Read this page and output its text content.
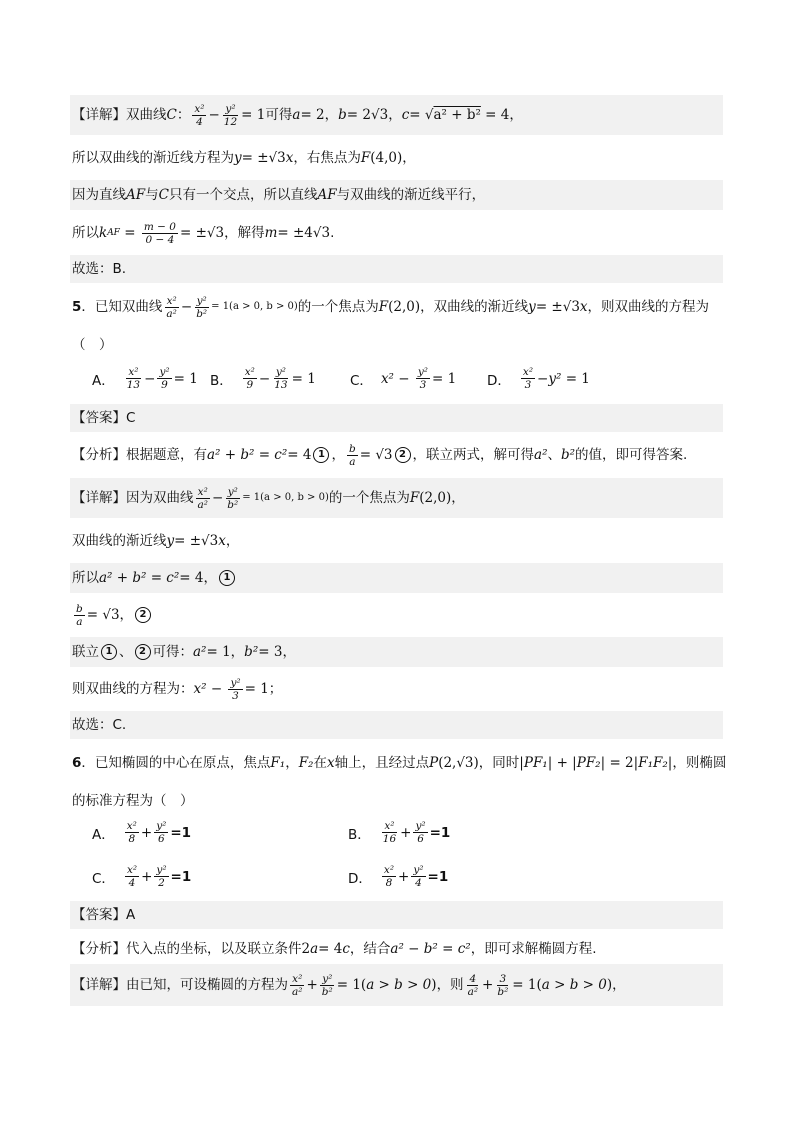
【详解】双曲线 C ： $\frac{\text{x²}}{4} - \frac{\text{y²}}{12} = 1$ 可得 a = 2 ， b = 2√3 ， c = √a² + b² = 4 ，
所以双曲线的渐近线方程为 y = ±√3 x ，右焦点为 F (4,0) ，
因为直线 AF 与 C 只有一个交点，所以直线 AF 与双曲线的渐近线平行，
所以 k AF = $\frac{m - 0}{0 - 4} = \pm√3$ ，解得 m = ±4√3 .
故选：B.
5 ．已知双曲线 $\frac{\text{x²}}{\text{a²}} - \frac{\text{y²}}{\text{b²}} = 1(a > 0$, b > 0) 的一个焦点为 F (2,0) ，双曲线的渐近线 y = ±√3 x ，则双曲线的方程为
（　）
A． $\frac{\text{x²}}{13} - \frac{\text{y²}}{9} = 1$ B． $\frac{\text{x²}}{9} - \frac{\text{y²}}{13} = 1$	C． $x^2 - \frac{\text{y²}}{3} = 1$ D． $\frac{\text{x²}}{3} - y^2 = 1$
【答案】C
【分析】根据题意，有 a² + b² = c² = 4 1 ， $\frac{b}{a} = √3$ 2 ，联立两式，解可得 a² 、 b² 的值，即可得答案.
【详解】因为双曲线 $\frac{\text{x²}}{\text{a²}} - \frac{\text{y²}}{\text{b²}} = 1(a > 0$, b > 0) 的一个焦点为 F (2,0) ，
双曲线的渐近线 y = ±√3 x ，
所以 a² + b² = c² = 4 ， 1
$\frac{b}{a} = √3$ ， 2
联立 1 、 2 可得： a² = 1 ， b² = 3 ，
则双曲线的方程为： $x^2 - \frac{\text{y²}}{3} = 1$ ；
故选：C.
6 ．已知椭圆的中心在原点，焦点 F₁ ， F₂ 在 x 轴上，且经过点 P (2,√3) ，同时 | PF₁ | + | PF₂ | = 2| F₁F₂ | ，则椭圆
的标准方程为（　）
A． $\frac{\text{x²}}{8} + \frac{\text{y²}}{6} =1$	B． $\frac{\text{x²}}{16} + \frac{\text{y²}}{6} =1$
C． $\frac{\text{x²}}{4} + \frac{\text{y²}}{2} =1$	D． $\frac{\text{x²}}{8} + \frac{\text{y²}}{4} =1$
【答案】A
【分析】代入点的坐标，以及联立条件 2 a = 4 c ，结合 a² − b² = c² ，即可求解椭圆方程.
【详解】由已知，可设椭圆的方程为 $\frac{\text{x²}}{\text{a²}} + \frac{\text{y²}}{\text{b²}} = 1$( a > b > 0 ) ，则 $\frac{4}{\text{a²}} + \frac{3}{\text{b²}} = 1$( a > b > 0 ) ，
